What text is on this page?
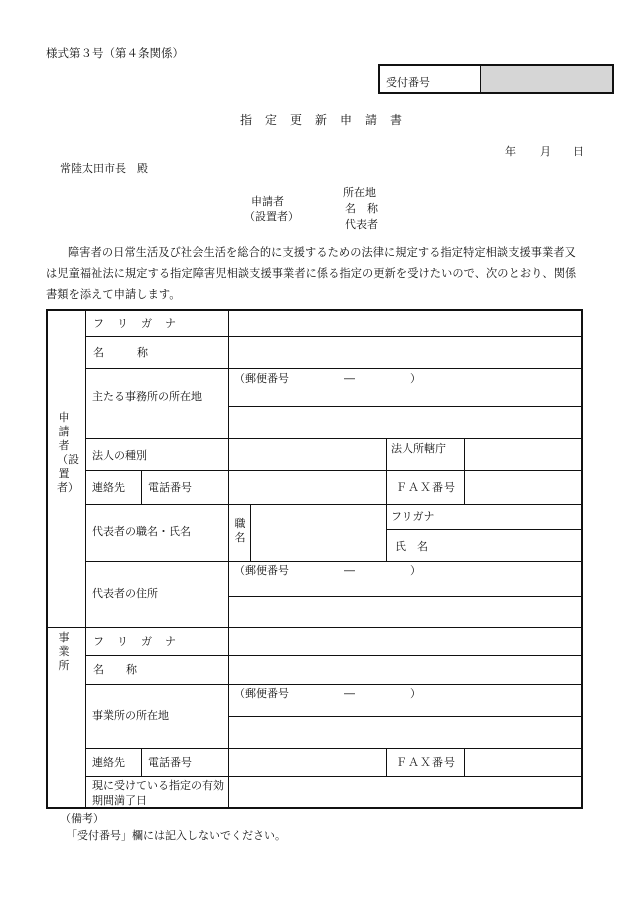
様式第３号（第４条関係）
受付番号
指　定　更　新　申　請　書
年 月 日
常陸太田市長　殿
申請者
（設置者）
所在地
名　称
代表者
障害者の日常生活及び社会生活を総合的に支援するための法律に規定する指定特定相談支援事業者又は児童福祉法に規定する指定障害児相談支援事業者に係る指定の更新を受けたいので、次のとおり、関係書類を添えて申請します。
申請者（設置者）
事業所
フ　リ　ガ　ナ
名　　　称
主たる事務所の所在地
（郵便番号　　　　　―　　　　　）
法人の種別
法人所轄庁
連絡先 電話番号	ＦＡＸ番号
代表者の職名・氏名
職名
フリガナ
氏　名
代表者の住所
（郵便番号　　　　　―　　　　　）
フ　リ　ガ　ナ
名　　称
事業所の所在地
（郵便番号　　　　　―　　　　　）
連絡先 電話番号	ＦＡＸ番号
現に受けている指定の有効期間満了日
（備考）
「受付番号」欄には記入しないでください。
